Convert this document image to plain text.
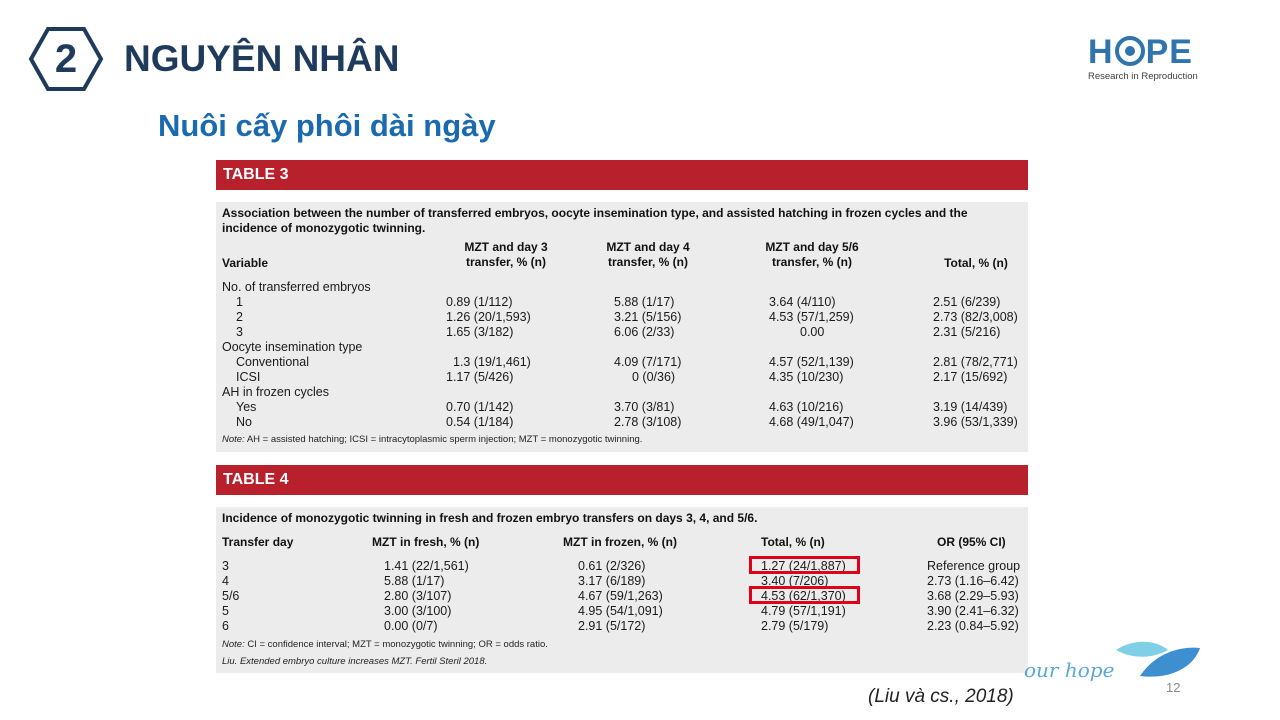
2	NGUYÊN NHÂN
Nuôi cấy phôi dài ngày
H PE
Research in Reproduction
TABLE 3
Association between the number of transferred embryos, oocyte insemination type, and assisted hatching in frozen cycles and the incidence of monozygotic twinning.
Variable
MZT and day 3
transfer, % (n)
MZT and day 4
transfer, % (n)
MZT and day 5/6
transfer, % (n)	Total, % (n)
No. of transferred embryos
1	0.89 (1/112)	5.88 (1/17)	3.64 (4/110)	2.51 (6/239)
2	1.26 (20/1,593)	3.21 (5/156)	4.53 (57/1,259)	2.73 (82/3,008)
3	1.65 (3/182)	6.06 (2/33)	0.00	2.31 (5/216)
Oocyte insemination type
Conventional	1.3 (19/1,461)	4.09 (7/171)	4.57 (52/1,139)	2.81 (78/2,771)
ICSI	1.17 (5/426)	0 (0/36)	4.35 (10/230)	2.17 (15/692)
AH in frozen cycles
Yes	0.70 (1/142)	3.70 (3/81)	4.63 (10/216)	3.19 (14/439)
No	0.54 (1/184)	2.78 (3/108)	4.68 (49/1,047)	3.96 (53/1,339)
Note: AH = assisted hatching; ICSI = intracytoplasmic sperm injection; MZT = monozygotic twinning.
TABLE 4
Incidence of monozygotic twinning in fresh and frozen embryo transfers on days 3, 4, and 5/6.
Transfer day	MZT in fresh, % (n)	MZT in frozen, % (n)	Total, % (n)	OR (95% CI)
3	1.41 (22/1,561)	0.61 (2/326)	1.27 (24/1,887)	Reference group
4	5.88 (1/17)	3.17 (6/189)	3.40 (7/206)	2.73 (1.16–6.42)
5/6	2.80 (3/107)	4.67 (59/1,263)	4.53 (62/1,370)	3.68 (2.29–5.93)
5	3.00 (3/100)	4.95 (54/1,091)	4.79 (57/1,191)	3.90 (2.41–6.32)
6	0.00 (0/7)	2.91 (5/172)	2.79 (5/179)	2.23 (0.84–5.92)
Note: CI = confidence interval; MZT = monozygotic twinning; OR = odds ratio.
Liu. Extended embryo culture increases MZT. Fertil Steril 2018.	our hope
12
(Liu và cs., 2018)
